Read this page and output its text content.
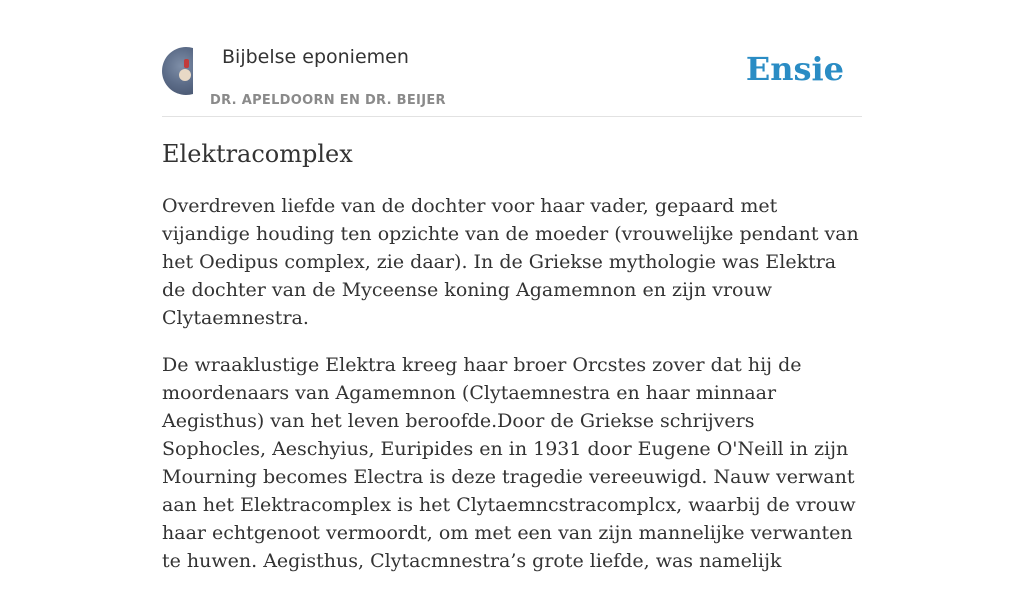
Bijbelse eponiemen
DR. APELDOORN EN DR. BEIJER
Ensie
Elektracomplex

Overdreven liefde van de dochter voor haar vader, gepaard met vijandige houding ten opzichte van de moeder (vrouwelijke pendant van het Oedipus complex, zie daar). In de Griekse mythologie was Elektra de dochter van de Myceense koning Agamemnon en zijn vrouw Clytaemnestra.

De wraaklustige Elektra kreeg haar broer Orcstes zover dat hij de moordenaars van Agamemnon (Clytaemnestra en haar minnaar Aegisthus) van het leven beroofde.Door de Griekse schrijvers Sophocles, Aeschyius, Euripides en in 1931 door Eugene O'Neill in zijn Mourning becomes Electra is deze tragedie vereeuwigd. Nauw verwant aan het Elektracomplex is het Clytaemncstracomplcx, waarbij de vrouw haar echtgenoot vermoordt, om met een van zijn mannelijke verwanten te huwen. Aegisthus, Clytacmnestra’s grote liefde, was namelijk
